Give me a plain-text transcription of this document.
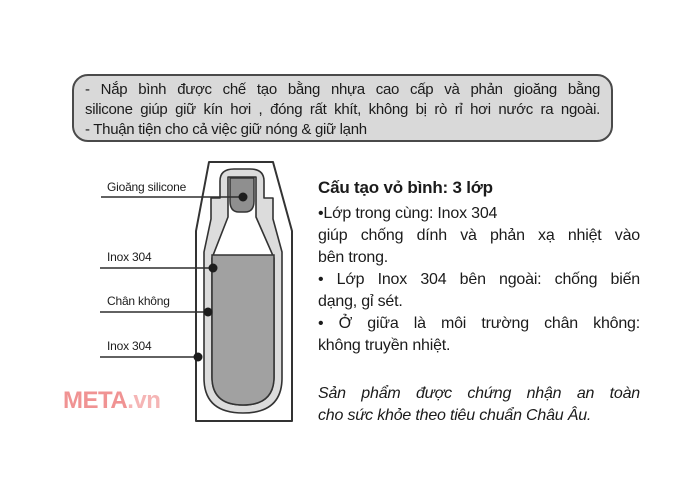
- Nắp bình được chế tạo bằng nhựa cao cấp và phản gioăng bằng
silicone giúp giữ kín hơi , đóng rất khít, không bị rò rỉ hơi nước ra ngoài.
- Thuận tiện cho cả việc giữ nóng & giữ lạnh
Gioăng silicone
Inox 304
Chân không
Inox 304
Cấu tạo vỏ bình: 3 lớp
•Lớp trong cùng: Inox 304
giúp chống dính và phản xạ nhiệt vào
bên trong.
• Lớp Inox 304 bên ngoài: chống biến
dạng, gỉ sét.
• Ở giữa là môi trường chân không:
không truyền nhiệt.
Sản phẩm được chứng nhận an toàn
cho sức khỏe theo tiêu chuẩn Châu Âu.
META.vn
